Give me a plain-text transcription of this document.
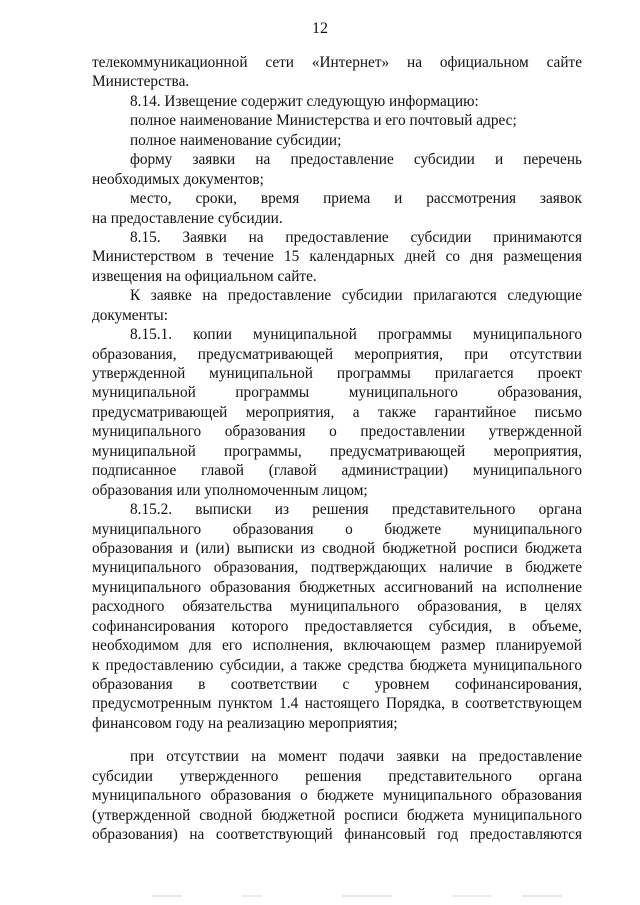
12
телекоммуникационной сети «Интернет» на официальном сайте
Министерства.
8.14. Извещение содержит следующую информацию:
полное наименование Министерства и его почтовый адрес;
полное наименование субсидии;
форму заявки на предоставление субсидии и перечень
необходимых документов;
место, сроки, время приема и рассмотрения заявок
на предоставление субсидии.
8.15. Заявки на предоставление субсидии принимаются
Министерством в течение 15 календарных дней со дня размещения
извещения на официальном сайте.
К заявке на предоставление субсидии прилагаются следующие
документы:
8.15.1. копии муниципальной программы муниципального
образования, предусматривающей мероприятия, при отсутствии
утвержденной муниципальной программы прилагается проект
муниципальной программы муниципального образования,
предусматривающей мероприятия, а также гарантийное письмо
муниципального образования о предоставлении утвержденной
муниципальной программы, предусматривающей мероприятия,
подписанное главой (главой администрации) муниципального
образования или уполномоченным лицом;
8.15.2. выписки из решения представительного органа
муниципального образования о бюджете муниципального
образования и (или) выписки из сводной бюджетной росписи бюджета
муниципального образования, подтверждающих наличие в бюджете
муниципального образования бюджетных ассигнований на исполнение
расходного обязательства муниципального образования, в целях
софинансирования которого предоставляется субсидия, в объеме,
необходимом для его исполнения, включающем размер планируемой
к предоставлению субсидии, а также средства бюджета муниципального
образования в соответствии с уровнем софинансирования,
предусмотренным пунктом 1.4 настоящего Порядка, в соответствующем
финансовом году на реализацию мероприятия;
при отсутствии на момент подачи заявки на предоставление
субсидии утвержденного решения представительного органа
муниципального образования о бюджете муниципального образования
(утвержденной сводной бюджетной росписи бюджета муниципального
образования) на соответствующий финансовый год предоставляются
